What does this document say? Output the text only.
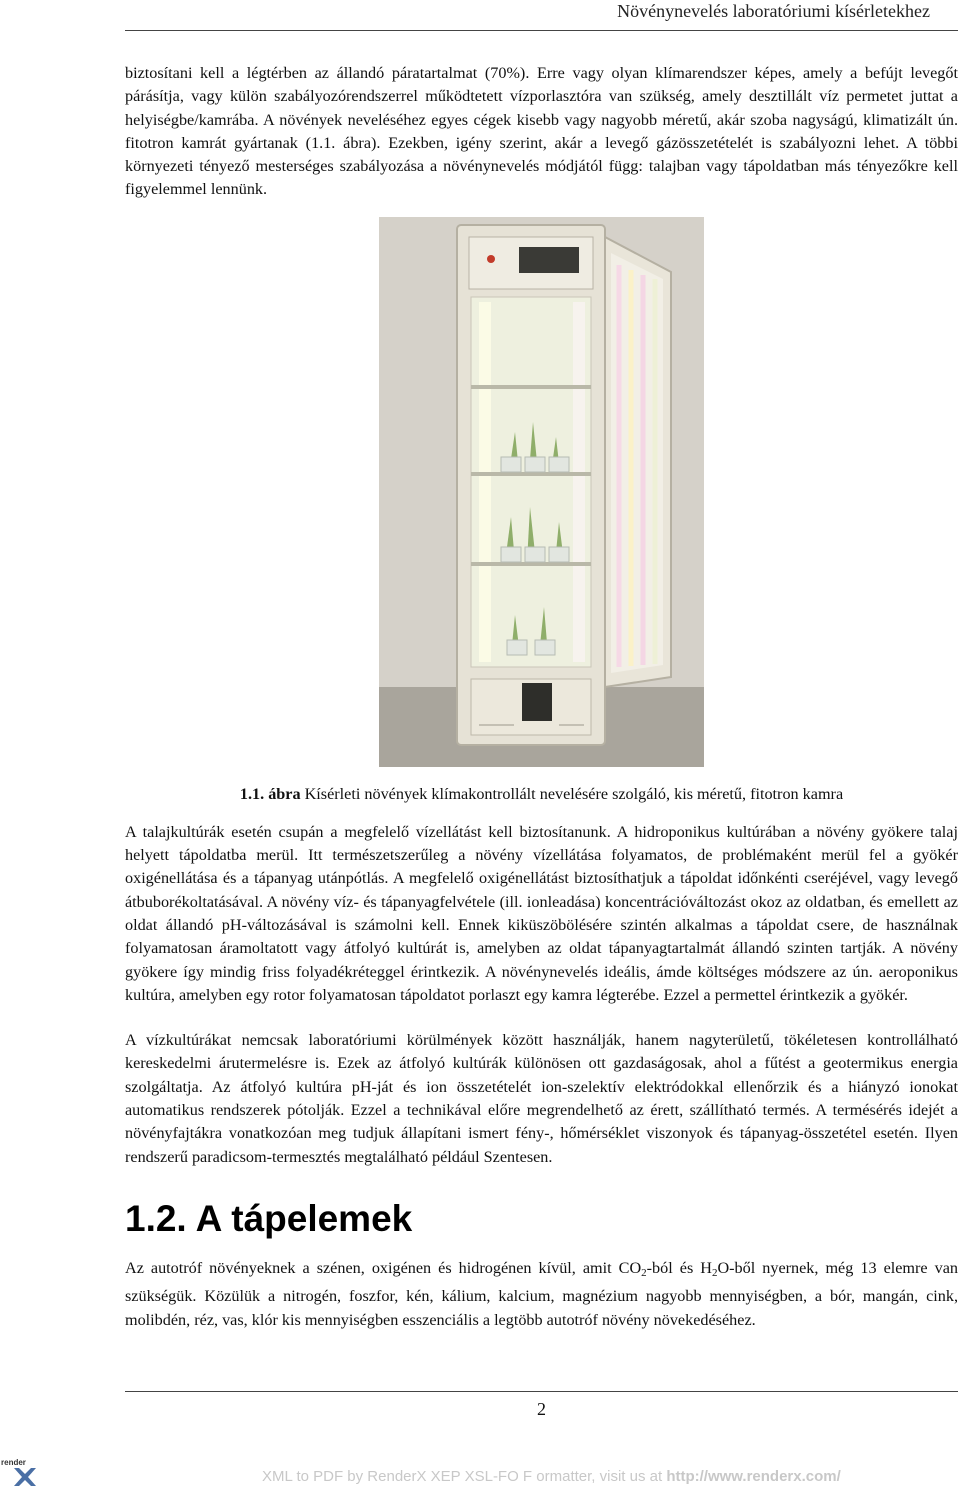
Növénynevelés laboratóriumi kísérletekhez

biztosítani kell a légtérben az állandó páratartalmat (70%). Erre vagy olyan klímarendszer képes, amely a befújt levegőt párásítja, vagy külön szabályozórendszerrel működtetett vízporlasztóra van szükség, amely desztillált víz permetet juttat a helyiségbe/kamrába. A növények neveléséhez egyes cégek kisebb vagy nagyobb méretű, akár szoba nagyságú, klimatizált ún. fitotron kamrát gyártanak (1.1. ábra). Ezekben, igény szerint, akár a levegő gázösszetételét is szabályozni lehet. A többi környezeti tényező mesterséges szabályozása a növénynevelés módjától függ: talajban vagy tápoldatban más tényezőkre kell figyelemmel lennünk.

1.1. ábra Kísérleti növények klímakontrollált nevelésére szolgáló, kis méretű, fitotron kamra

A talajkultúrák esetén csupán a megfelelő vízellátást kell biztosítanunk. A hidroponikus kultúrában a növény gyökere talaj helyett tápoldatba merül. Itt természetszerűleg a növény vízellátása folyamatos, de problémaként merül fel a gyökér oxigénellátása és a tápanyag utánpótlás. A megfelelő oxigénellátást biztosíthatjuk a tápoldat időnkénti cseréjével, vagy levegő átbuborékoltatásával. A növény víz- és tápanyagfelvétele (ill. ionleadása) koncentrációváltozást okoz az oldatban, és emellett az oldat állandó pH-változásával is számolni kell. Ennek kiküszöbölésére szintén alkalmas a tápoldat csere, de használnak folyamatosan áramoltatott vagy átfolyó kultúrát is, amelyben az oldat tápanyagtartalmát állandó szinten tartják. A növény gyökere így mindig friss folyadékréteggel érintkezik. A növénynevelés ideális, ámde költséges módszere az ún. aeroponikus kultúra, amelyben egy rotor folyamatosan tápoldatot porlaszt egy kamra légterébe. Ezzel a permettel érintkezik a gyökér.

A vízkultúrákat nemcsak laboratóriumi körülmények között használják, hanem nagyterületű, tökéletesen kontrollálható kereskedelmi árutermelésre is. Ezek az átfolyó kultúrák különösen ott gazdaságosak, ahol a fűtést a geotermikus energia szolgáltatja. Az átfolyó kultúra pH-ját és ion összetételét ion-szelektív elektródokkal ellenőrzik és a hiányzó ionokat automatikus rendszerek pótolják. Ezzel a technikával előre megrendelhető az érett, szállítható termés. A termésérés idejét a növényfajtákra vonatkozóan meg tudjuk állapítani ismert fény-, hőmérséklet viszonyok és tápanyag-összetétel esetén. Ilyen rendszerű paradicsom-termesztés megtalálható például Szentesen.

1.2. A tápelemek

Az autotróf növényeknek a szénen, oxigénen és hidrogénen kívül, amit $CO_2$-ból és $H_2O$-ből nyernek, még 13 elemre van szükségük. Közülük a nitrogén, foszfor, kén, kálium, kalcium, magnézium nagyobb mennyiségben, a bór, mangán, cink, molibdén, réz, vas, klór kis mennyiségben esszenciális a legtöbb autotróf növény növekedéséhez.

2
render
XML to PDF by RenderX XEP XSL-FO F ormatter, visit us at http://www.renderx.com/
